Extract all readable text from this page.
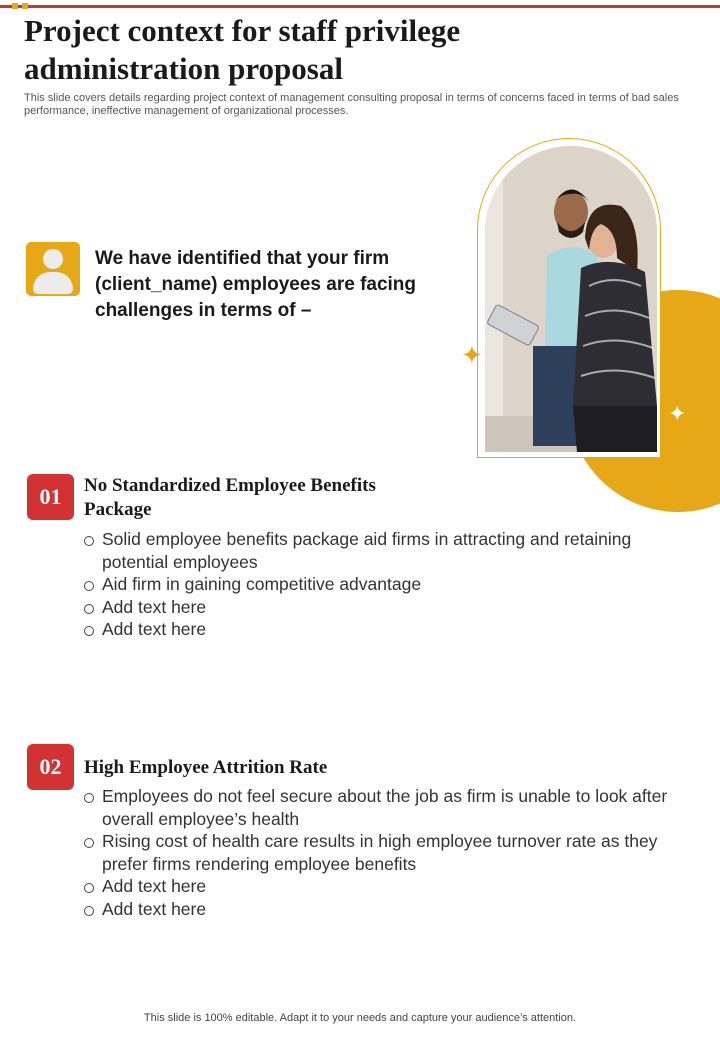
Project context for staff privilege administration proposal

This slide covers details regarding project context of management consulting proposal in terms of concerns faced in terms of bad sales performance, ineffective management of organizational processes.

We have identified that your firm (client_name) employees are facing challenges in terms of –

✦
✦
01	No Standardized Employee Benefits Package
Solid employee benefits package aid firms in attracting and retaining potential employees
Aid firm in gaining competitive advantage
Add text here
Add text here
02	High Employee Attrition Rate
Employees do not feel secure about the job as firm is unable to look after overall employee’s health
Rising cost of health care results in high employee turnover rate as they prefer firms rendering employee benefits
Add text here
Add text here

This slide is 100% editable. Adapt it to your needs and capture your audience’s attention.
